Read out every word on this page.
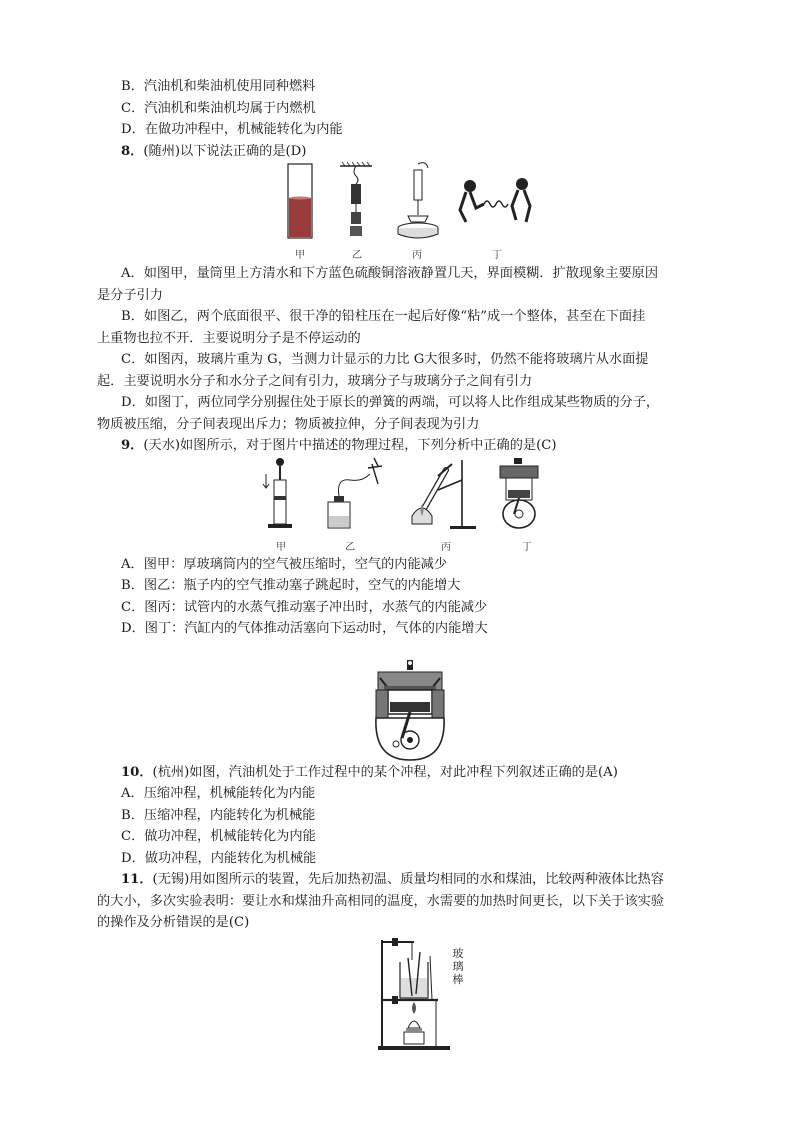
B．汽油机和柴油机使用同种燃料
C．汽油机和柴油机均属于内燃机
D．在做功冲程中，机械能转化为内能
8．(随州)以下说法正确的是(D)
甲	乙	丙	丁
A．如图甲，量筒里上方清水和下方蓝色硫酸铜溶液静置几天，界面模糊．扩散现象主要原因
是分子引力
B．如图乙，两个底面很平、很干净的铅柱压在一起后好像“粘”成一个整体，甚至在下面挂
上重物也拉不开．主要说明分子是不停运动的
C．如图丙，玻璃片重为 G，当测力计显示的力比 G大很多时，仍然不能将玻璃片从水面提
起．主要说明水分子和水分子之间有引力，玻璃分子与玻璃分子之间有引力
D．如图丁，两位同学分别握住处于原长的弹簧的两端，可以将人比作组成某些物质的分子，
物质被压缩，分子间表现出斥力；物质被拉伸，分子间表现为引力
9．(天水)如图所示，对于图片中描述的物理过程，下列分析中正确的是(C)
甲	乙	丙	丁
A．图甲：厚玻璃筒内的空气被压缩时，空气的内能减少
B．图乙：瓶子内的空气推动塞子跳起时，空气的内能增大
C．图丙：试管内的水蒸气推动塞子冲出时，水蒸气的内能减少
D．图丁：汽缸内的气体推动活塞向下运动时，气体的内能增大
10．(杭州)如图，汽油机处于工作过程中的某个冲程，对此冲程下列叙述正确的是(A)
A．压缩冲程，机械能转化为内能
B．压缩冲程，内能转化为机械能
C．做功冲程，机械能转化为内能
D．做功冲程，内能转化为机械能
11．(无锡)用如图所示的装置，先后加热初温、质量均相同的水和煤油，比较两种液体比热容
的大小，多次实验表明：要让水和煤油升高相同的温度，水需要的加热时间更长，以下关于该实验
的操作及分析错误的是(C)
玻
璃
棒
